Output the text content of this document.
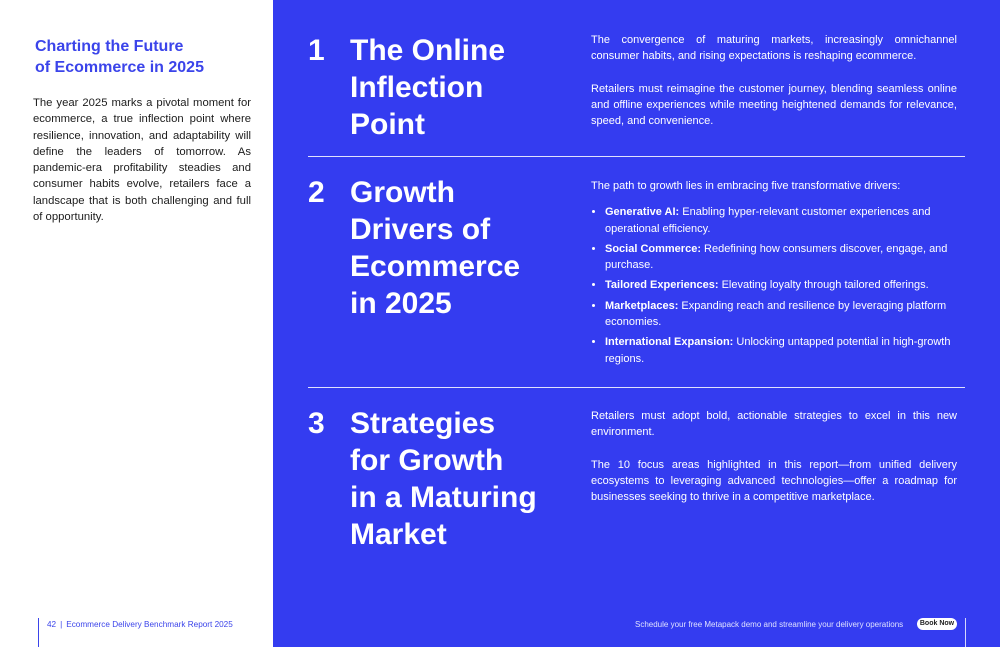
Charting the Future
of Ecommerce in 2025

The year 2025 marks a pivotal moment for ecommerce, a true inflection point where resilience, innovation, and adaptability will define the leaders of tomorrow. As pandemic-era profitability steadies and consumer habits evolve, retailers face a landscape that is both challenging and full of opportunity.

42 | Ecommerce Delivery Benchmark Report 2025
1 The Online
Inflection
Point

The convergence of maturing markets, increasingly omnichannel consumer habits, and rising expectations is reshaping ecommerce.

Retailers must reimagine the customer journey, blending seamless online and offline experiences while meeting heightened demands for relevance, speed, and convenience.

2 Growth
Drivers of
Ecommerce
in 2025
The path to growth lies in embracing five transformative drivers:
• Generative AI: Enabling hyper-relevant customer experiences and operational efficiency.
• Social Commerce: Redefining how consumers discover, engage, and purchase.
• Tailored Experiences: Elevating loyalty through tailored offerings.
• Marketplaces: Expanding reach and resilience by leveraging platform economies.
• International Expansion: Unlocking untapped potential in high-growth regions.
3 Strategies
for Growth
in a Maturing
Market

Retailers must adopt bold, actionable strategies to excel in this new environment.

The 10 focus areas highlighted in this report—from unified delivery ecosystems to leveraging advanced technologies—offer a roadmap for businesses seeking to thrive in a competitive marketplace.

Schedule your free Metapack demo and streamline your delivery operations	Book Now
